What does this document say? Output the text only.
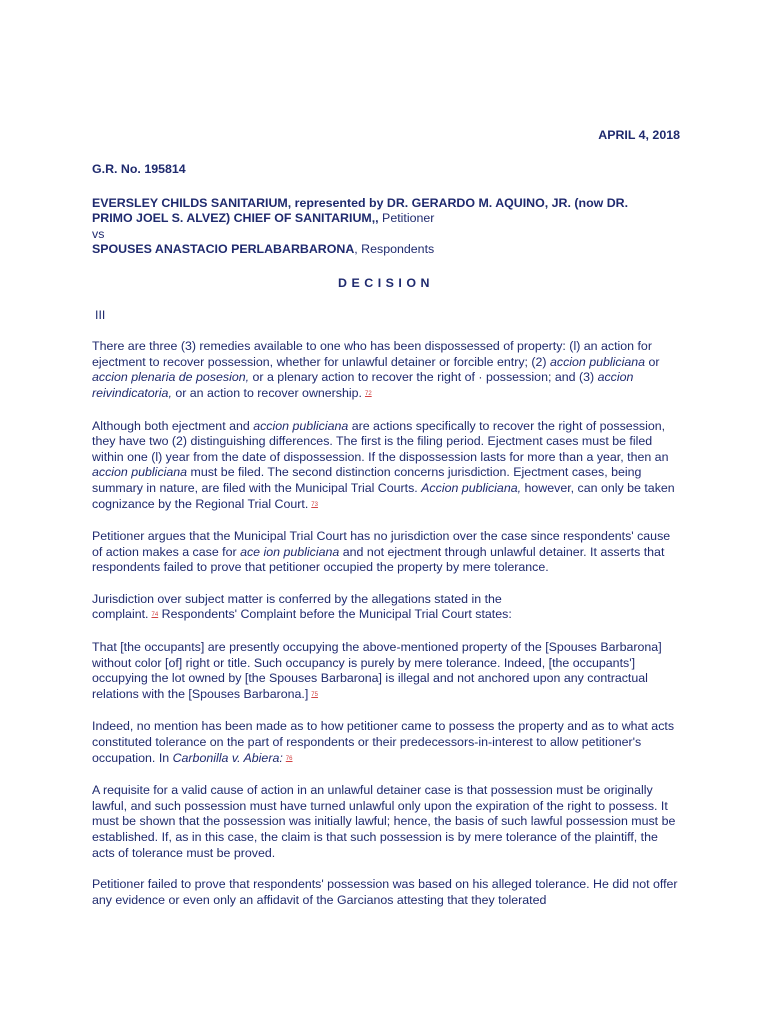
APRIL 4, 2018
G.R. No. 195814
EVERSLEY CHILDS SANITARIUM, represented by DR. GERARDO M. AQUINO, JR. (now DR.
PRIMO JOEL S. ALVEZ) CHIEF OF SANITARIUM,, Petitioner
vs
SPOUSES ANASTACIO PERLABARBARONA, Respondents
DECISION
III

There are three (3) remedies available to one who has been dispossessed of property: (l) an action for ejectment to recover possession, whether for unlawful detainer or forcible entry; (2) accion publiciana or accion plenaria de posesion, or a plenary action to recover the right of · possession; and (3) accion reivindicatoria, or an action to recover ownership. 72

Although both ejectment and accion publiciana are actions specifically to recover the right of possession, they have two (2) distinguishing differences. The first is the filing period. Ejectment cases must be filed within one (l) year from the date of dispossession. If the dispossession lasts for more than a year, then an accion publiciana must be filed. The second distinction concerns jurisdiction. Ejectment cases, being summary in nature, are filed with the Municipal Trial Courts. Accion publiciana, however, can only be taken cognizance by the Regional Trial Court. 73

Petitioner argues that the Municipal Trial Court has no jurisdiction over the case since respondents' cause of action makes a case for ace ion publiciana and not ejectment through unlawful detainer. It asserts that respondents failed to prove that petitioner occupied the property by mere tolerance.

Jurisdiction over subject matter is conferred by the allegations stated in the
complaint. 74 Respondents' Complaint before the Municipal Trial Court states:

That [the occupants] are presently occupying the above-mentioned property of the [Spouses Barbarona] without color [of] right or title. Such occupancy is purely by mere tolerance. Indeed, [the occupants'] occupying the lot owned by [the Spouses Barbarona] is illegal and not anchored upon any contractual relations with the [Spouses Barbarona.] 75

Indeed, no mention has been made as to how petitioner came to possess the property and as to what acts constituted tolerance on the part of respondents or their predecessors-in-interest to allow petitioner's occupation. In Carbonilla v. Abiera: 76

A requisite for a valid cause of action in an unlawful detainer case is that possession must be originally lawful, and such possession must have turned unlawful only upon the expiration of the right to possess. It must be shown that the possession was initially lawful; hence, the basis of such lawful possession must be established. If, as in this case, the claim is that such possession is by mere tolerance of the plaintiff, the acts of tolerance must be proved.

Petitioner failed to prove that respondents' possession was based on his alleged tolerance. He did not offer any evidence or even only an affidavit of the Garcianos attesting that they tolerated
